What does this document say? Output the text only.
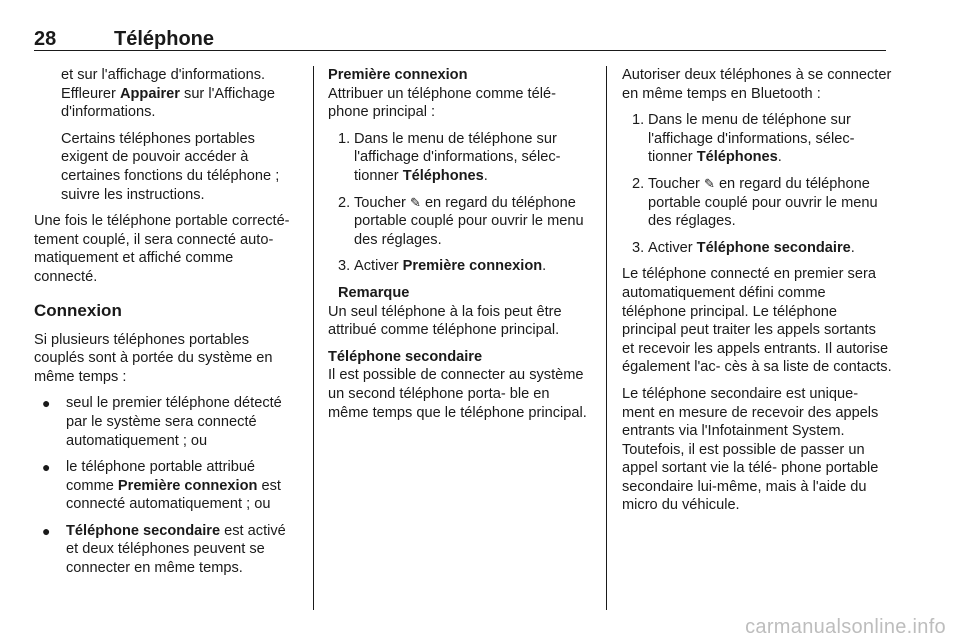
28	Téléphone

et sur l'affichage d'informations.
Effleurer Appairer sur l'Affichage d'informations.

Certains téléphones portables exigent de pouvoir accéder à certaines fonctions du téléphone ; suivre les instructions.

Une fois le téléphone portable correcté- tement couplé, il sera connecté auto- matiquement et affiché comme connecté.

Connexion

Si plusieurs téléphones portables couplés sont à portée du système en même temps :

● seul le premier téléphone détecté par le système sera connecté automatiquement ; ou
● le téléphone portable attribué comme Première connexion est connecté automatiquement ; ou
● Téléphone secondaire est activé et deux téléphones peuvent se connecter en même temps.
Première connexion

Attribuer un téléphone comme télé- phone principal :

1. Dans le menu de téléphone sur l'affichage d'informations, sélec- tionner Téléphones.
2. Toucher ✎ en regard du téléphone portable couplé pour ouvrir le menu des réglages.
3. Activer Première connexion.
Remarque

Un seul téléphone à la fois peut être attribué comme téléphone principal.

Téléphone secondaire

Il est possible de connecter au système un second téléphone porta- ble en même temps que le téléphone principal.

Autoriser deux téléphones à se connecter en même temps en Bluetooth :

1. Dans le menu de téléphone sur l'affichage d'informations, sélec- tionner Téléphones.
2. Toucher ✎ en regard du téléphone portable couplé pour ouvrir le menu des réglages.
3. Activer Téléphone secondaire.

Le téléphone connecté en premier sera automatiquement défini comme téléphone principal. Le téléphone principal peut traiter les appels sortants et recevoir les appels entrants. Il autorise également l'ac- cès à sa liste de contacts.

Le téléphone secondaire est unique- ment en mesure de recevoir des appels entrants via l'Infotainment System. Toutefois, il est possible de passer un appel sortant vie la télé- phone portable secondaire lui-même, mais à l'aide du micro du véhicule.

carmanualsonline.info
